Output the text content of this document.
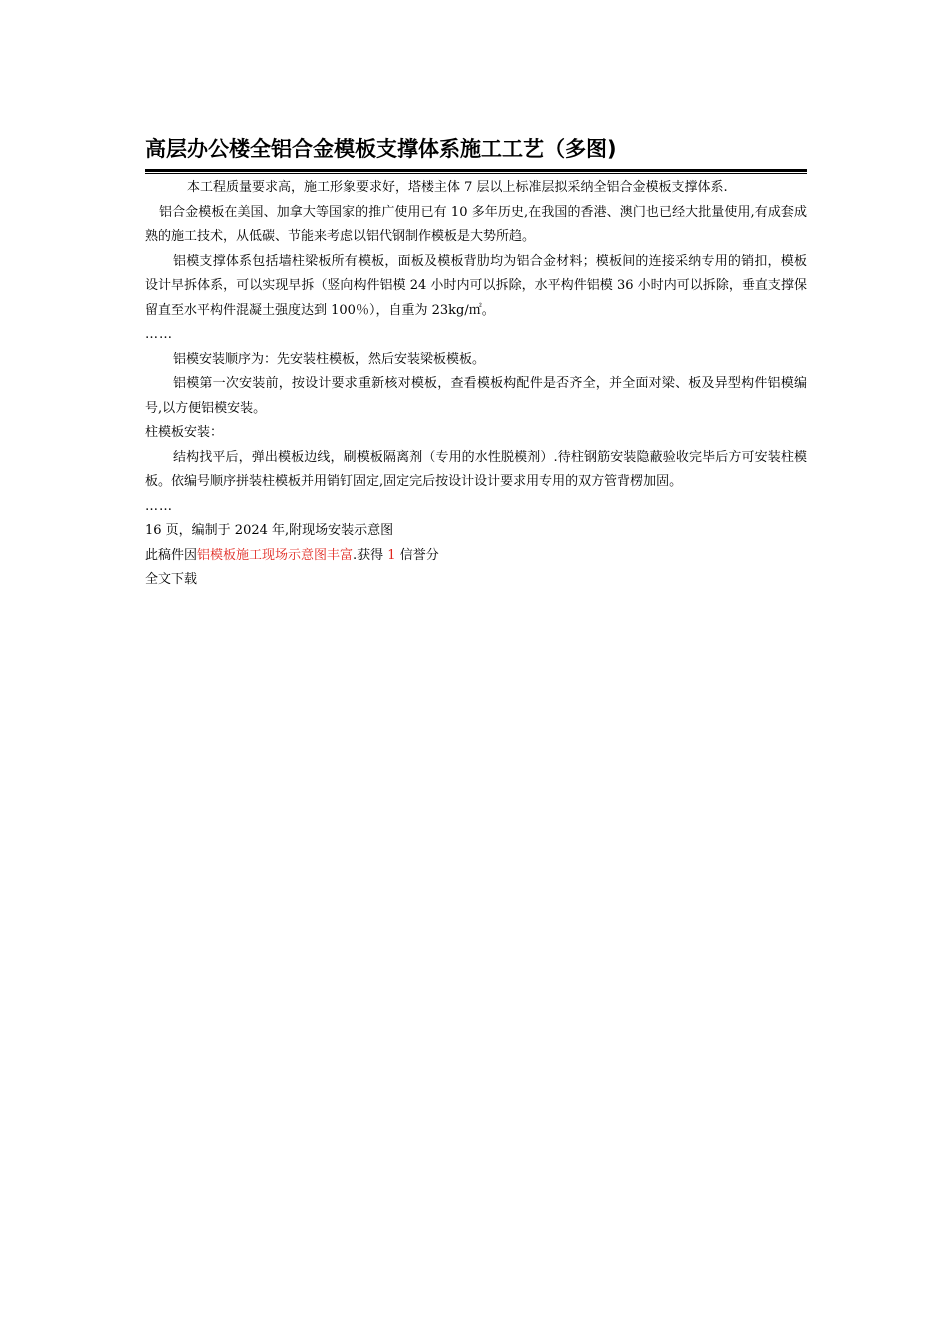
高层办公楼全铝合金模板支撑体系施工工艺（多图)

本工程质量要求高，施工形象要求好，塔楼主体 7 层以上标准层拟采纳全铝合金模板支撑体系.

铝合金模板在美国、加拿大等国家的推广使用已有 10 多年历史,在我国的香港、澳门也已经大批量使用,有成套成熟的施工技术，从低碳、节能来考虑以铝代钢制作模板是大势所趋。

铝模支撑体系包括墙柱梁板所有模板，面板及模板背肋均为铝合金材料；模板间的连接采纳专用的销扣，模板设计早拆体系，可以实现早拆（竖向构件铝模 24 小时内可以拆除，水平构件铝模 36 小时内可以拆除，垂直支撑保留直至水平构件混凝土强度达到 100％），自重为 23kg/㎡。

……

铝模安装顺序为：先安装柱模板，然后安装梁板模板。

铝模第一次安装前，按设计要求重新核对模板，查看模板构配件是否齐全，并全面对梁、板及异型构件铝模编号,以方便铝模安装。

柱模板安装：

结构找平后，弹出模板边线，刷模板隔离剂（专用的水性脱模剂）.待柱钢筋安装隐蔽验收完毕后方可安装柱模板。依编号顺序拼装柱模板并用销钉固定,固定完后按设计设计要求用专用的双方管背楞加固。

……

16 页，编制于 2024 年,附现场安装示意图

此稿件因铝模板施工现场示意图丰富.获得 1 信誉分

全文下载
